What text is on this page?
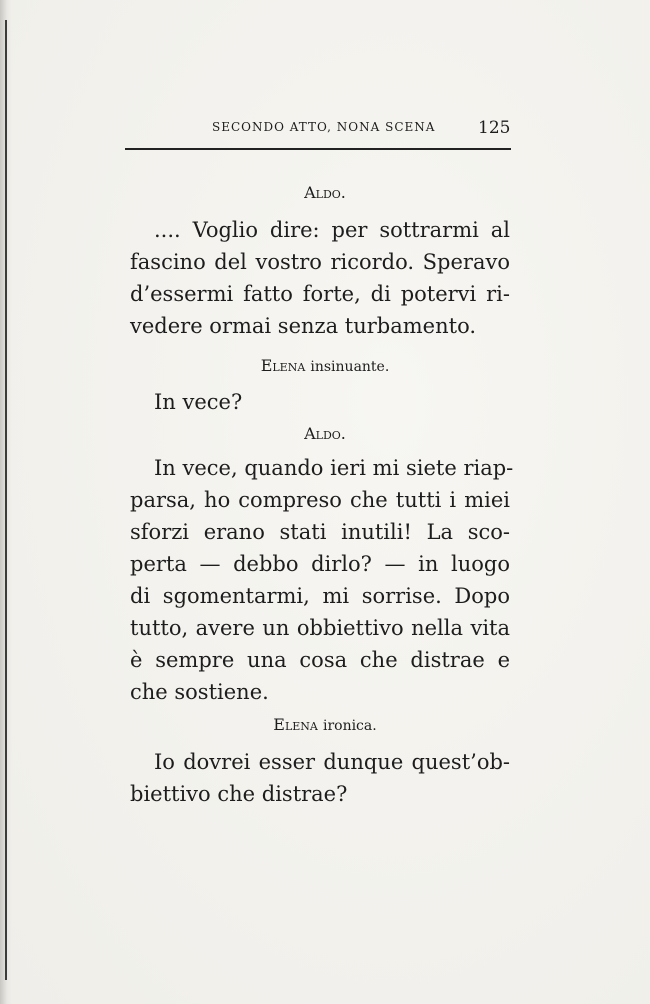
SECONDO ATTO, NONA SCENA	125
Aldo.
.... Voglio dire: per sottrarmi al
fascino del vostro ricordo. Speravo
d’essermi fatto forte, di potervi ri-
vedere ormai senza turbamento.
Elena insinuante.
In vece?
Aldo.
In vece, quando ieri mi siete riap-
parsa, ho compreso che tutti i miei
sforzi erano stati inutili! La sco-
perta — debbo dirlo? — in luogo
di sgomentarmi, mi sorrise. Dopo
tutto, avere un obbiettivo nella vita
è sempre una cosa che distrae e
che sostiene.
Elena ironica.
Io dovrei esser dunque quest’ob-
biettivo che distrae?
